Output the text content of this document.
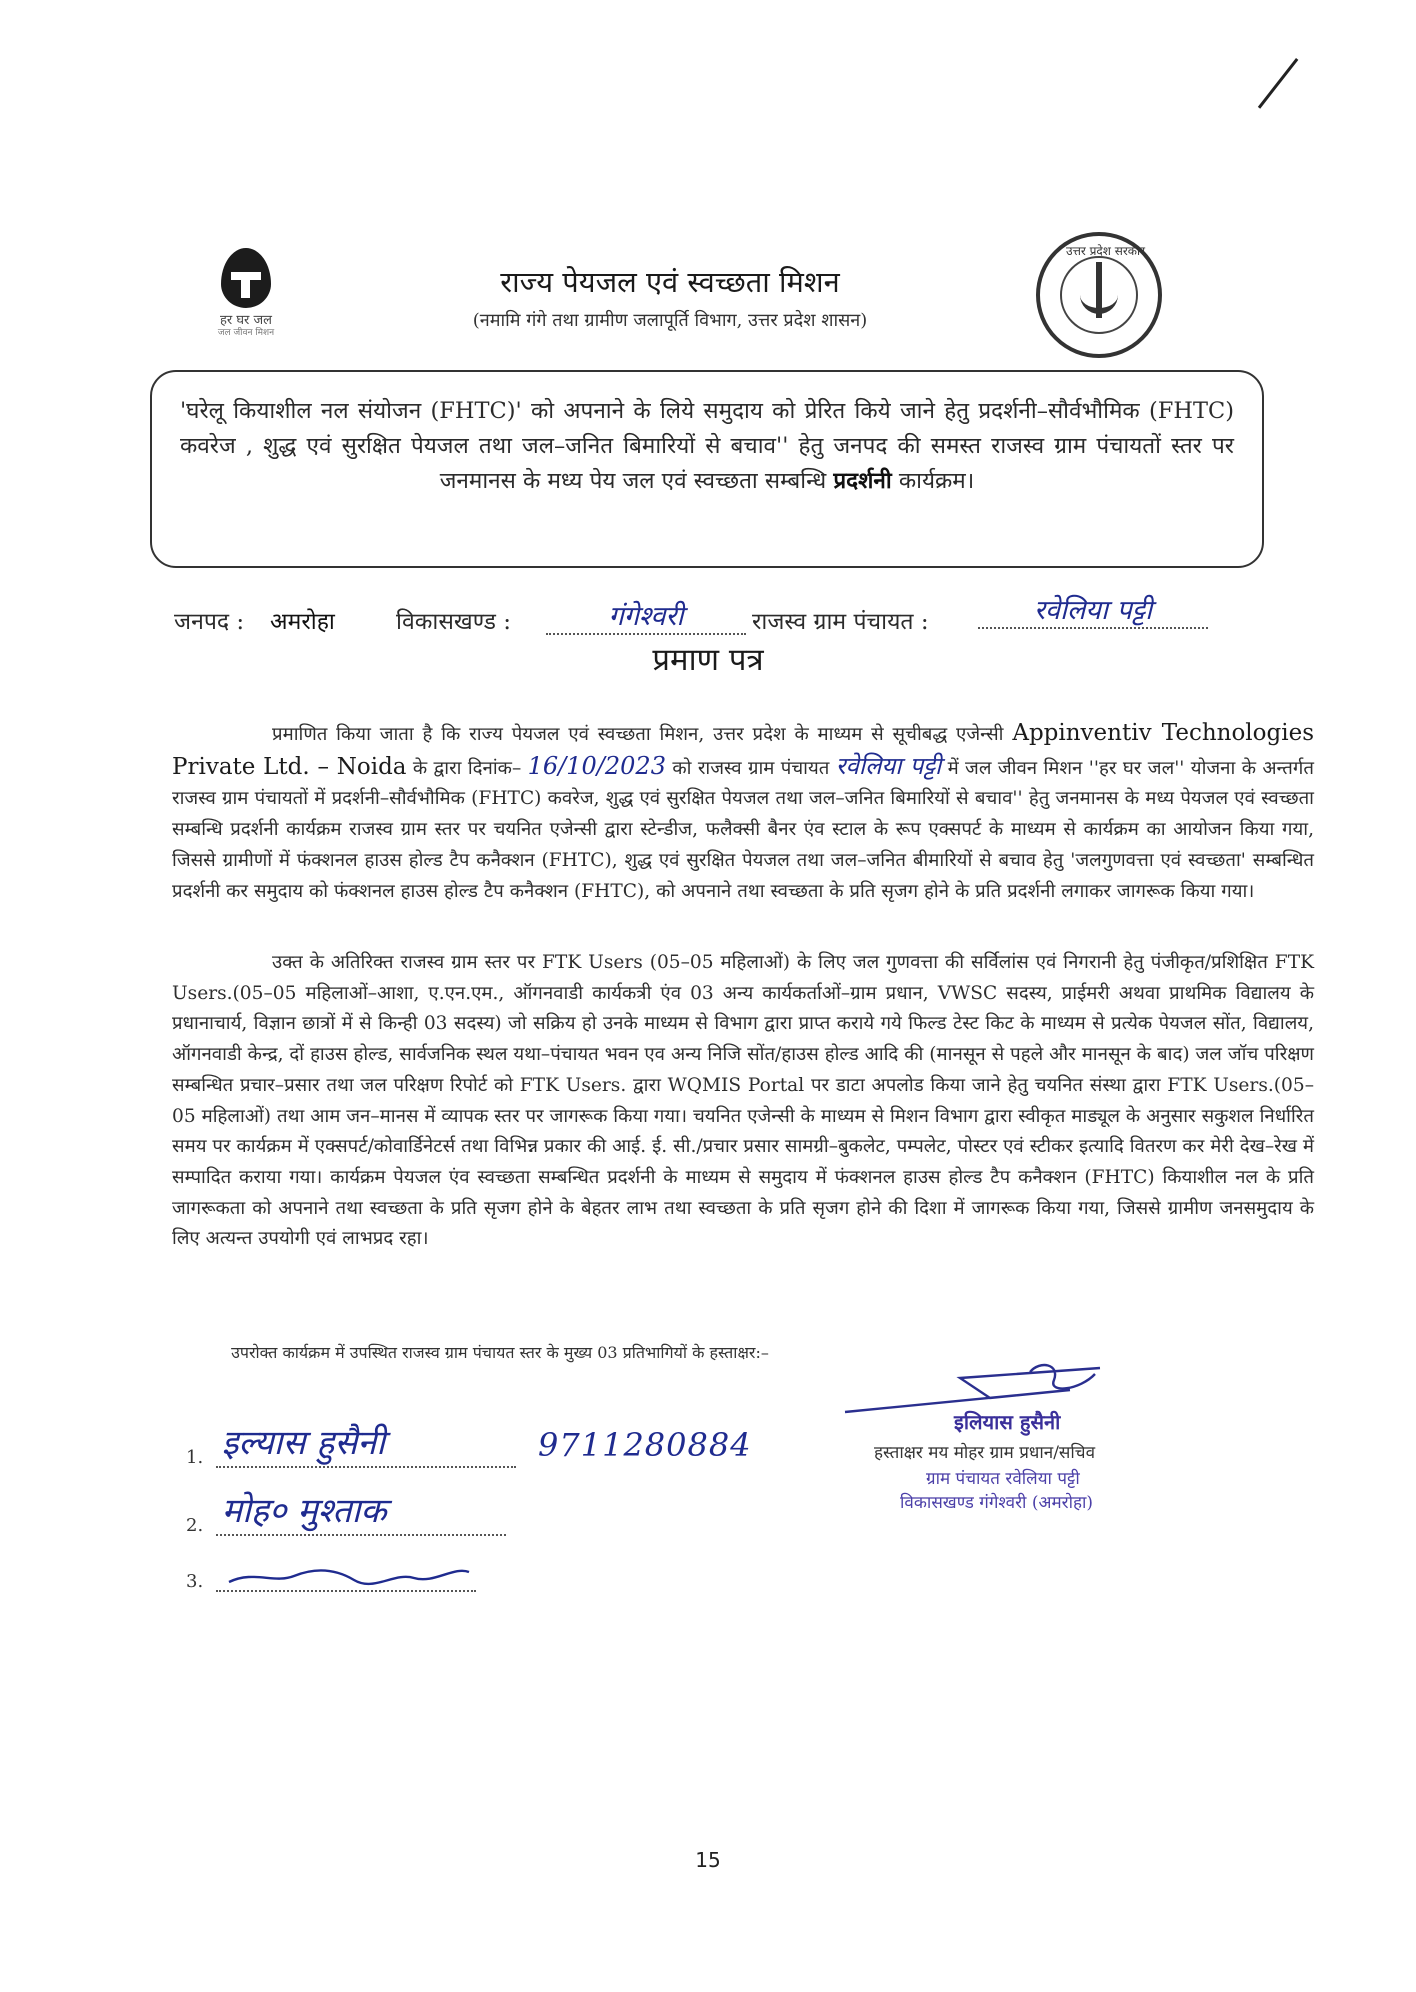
हर घर जल
जल जीवन मिशन
उत्तर प्रदेश सरकार
राज्य पेयजल एवं स्वच्छता मिशन
(नमामि गंगे तथा ग्रामीण जलापूर्ति विभाग, उत्तर प्रदेश शासन)
'घरेलू कियाशील नल संयोजन (FHTC)' को अपनाने के लिये समुदाय को प्रेरित किये जाने हेतु प्रदर्शनी–सौर्वभौमिक (FHTC) कवरेज , शुद्ध एवं सुरक्षित पेयजल तथा जल–जनित बिमारियों से बचाव'' हेतु जनपद की समस्त राजस्व ग्राम पंचायतों स्तर पर जनमानस के मध्य पेय जल एवं स्वच्छता सम्बन्धि प्रदर्शनी कार्यक्रम।
जनपद : अमरोहा	विकासखण्ड :	गंगेश्वरी	राजस्व ग्राम पंचायत :	रवेलिया पट्टी
प्रमाण पत्र

प्रमाणित किया जाता है कि राज्य पेयजल एवं स्वच्छता मिशन, उत्तर प्रदेश के माध्यम से सूचीबद्ध एजेन्सी Appinventiv Technologies Private Ltd. – Noida के द्वारा दिनांक– 16/10/2023 को राजस्व ग्राम पंचायत रवेलिया पट्टी में जल जीवन मिशन ''हर घर जल'' योजना के अन्तर्गत राजस्व ग्राम पंचायतों में प्रदर्शनी–सौर्वभौमिक (FHTC) कवरेज, शुद्ध एवं सुरक्षित पेयजल तथा जल–जनित बिमारियों से बचाव'' हेतु जनमानस के मध्य पेयजल एवं स्वच्छता सम्बन्धि प्रदर्शनी कार्यक्रम राजस्व ग्राम स्तर पर चयनित एजेन्सी द्वारा स्टेन्डीज, फलैक्सी बैनर एंव स्टाल के रूप एक्सपर्ट के माध्यम से कार्यक्रम का आयोजन किया गया, जिससे ग्रामीणों में फंक्शनल हाउस होल्ड टैप कनैक्शन (FHTC), शुद्ध एवं सुरक्षित पेयजल तथा जल–जनित बीमारियों से बचाव हेतु 'जलगुणवत्ता एवं स्वच्छता' सम्बन्धित प्रदर्शनी कर समुदाय को फंक्शनल हाउस होल्ड टैप कनैक्शन (FHTC), को अपनाने तथा स्वच्छता के प्रति सृजग होने के प्रति प्रदर्शनी लगाकर जागरूक किया गया।

उक्त के अतिरिक्त राजस्व ग्राम स्तर पर FTK Users (05–05 महिलाओं) के लिए जल गुणवत्ता की सर्विलांस एवं निगरानी हेतु पंजीकृत/प्रशिक्षित FTK Users.(05–05 महिलाओं–आशा, ए.एन.एम., ऑगनवाडी कार्यकत्री एंव 03 अन्य कार्यकर्ताओं–ग्राम प्रधान, VWSC सदस्य, प्राईमरी अथवा प्राथमिक विद्यालय के प्रधानाचार्य, विज्ञान छात्रों में से किन्ही 03 सदस्य) जो सक्रिय हो उनके माध्यम से विभाग द्वारा प्राप्त कराये गये फिल्ड टेस्ट किट के माध्यम से प्रत्येक पेयजल सोंत, विद्यालय, ऑगनवाडी केन्द्र, दों हाउस होल्ड, सार्वजनिक स्थल यथा–पंचायत भवन एव अन्य निजि सोंत/हाउस होल्ड आदि की (मानसून से पहले और मानसून के बाद) जल जॉच परिक्षण सम्बन्धित प्रचार–प्रसार तथा जल परिक्षण रिपोर्ट को FTK Users. द्वारा WQMIS Portal पर डाटा अपलोड किया जाने हेतु चयनित संस्था द्वारा FTK Users.(05–05 महिलाओं) तथा आम जन–मानस में व्यापक स्तर पर जागरूक किया गया। चयनित एजेन्सी के माध्यम से मिशन विभाग द्वारा स्वीकृत माड्यूल के अनुसार सकुशल निर्धारित समय पर कार्यक्रम में एक्सपर्ट/कोवार्डिनेटर्स तथा विभिन्न प्रकार की आई. ई. सी./प्रचार प्रसार सामग्री–बुकलेट, पम्पलेट, पोस्टर एवं स्टीकर इत्यादि वितरण कर मेरी देख–रेख में सम्पादित कराया गया। कार्यक्रम पेयजल एंव स्वच्छता सम्बन्धित प्रदर्शनी के माध्यम से समुदाय में फंक्शनल हाउस होल्ड टैप कनैक्शन (FHTC) कियाशील नल के प्रति जागरूकता को अपनाने तथा स्वच्छता के प्रति सृजग होने के बेहतर लाभ तथा स्वच्छता के प्रति सृजग होने की दिशा में जागरूक किया गया, जिससे ग्रामीण जनसमुदाय के लिए अत्यन्त उपयोगी एवं लाभप्रद रहा।

उपरोक्त कार्यक्रम में उपस्थित राजस्व ग्राम पंचायत स्तर के मुख्य 03 प्रतिभागियों के हस्ताक्षर:–
1. इल्यास हुसैनी	9711280884
2. मोह० मुश्ताक
3.
इलियास हुसैनी
हस्ताक्षर मय मोहर ग्राम प्रधान/सचिव
ग्राम पंचायत रवेलिया पट्टी
विकासखण्ड गंगेश्वरी (अमरोहा)
15
